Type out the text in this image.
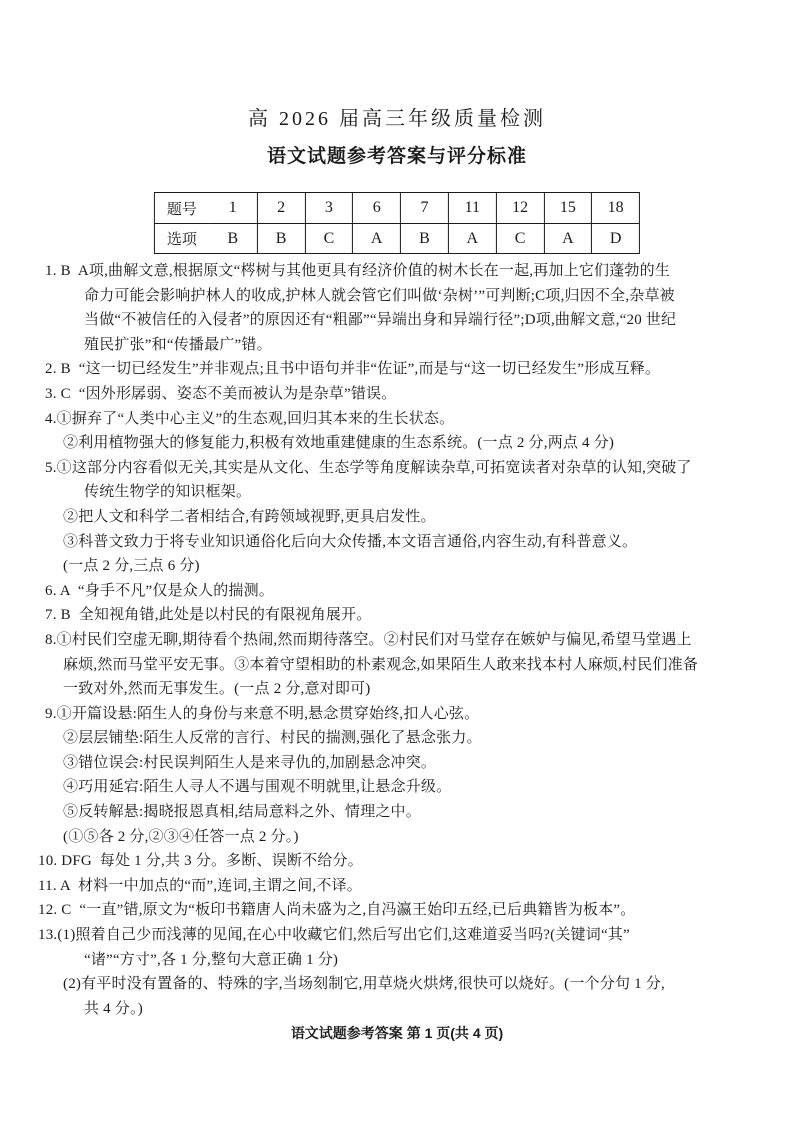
高 2026 届高三年级质量检测
语文试题参考答案与评分标准
题号	1	2	3	6	7	11	12	15	18
选项	B	B	C	A	B	A	C	A	D
1. B  A项,曲解文意,根据原文“梣树与其他更具有经济价值的树木长在一起,再加上它们蓬勃的生
命力可能会影响护林人的收成,护林人就会管它们叫做‘杂树’”可判断;C项,归因不全,杂草被
当做“不被信任的入侵者”的原因还有“粗鄙”“异端出身和异端行径”;D项,曲解文意,“20 世纪
殖民扩张”和“传播最广”错。
2. B  “这一切已经发生”并非观点;且书中语句并非“佐证”,而是与“这一切已经发生”形成互释。
3. C  “因外形孱弱、姿态不美而被认为是杂草”错误。
4.①摒弃了“人类中心主义”的生态观,回归其本来的生长状态。
②利用植物强大的修复能力,积极有效地重建健康的生态系统。(一点 2 分,两点 4 分)
5.①这部分内容看似无关,其实是从文化、生态学等角度解读杂草,可拓宽读者对杂草的认知,突破了
传统生物学的知识框架。
②把人文和科学二者相结合,有跨领域视野,更具启发性。
③科普文致力于将专业知识通俗化后向大众传播,本文语言通俗,内容生动,有科普意义。
(一点 2 分,三点 6 分)
6. A  “身手不凡”仅是众人的揣测。
7. B  全知视角错,此处是以村民的有限视角展开。
8.①村民们空虚无聊,期待看个热闹,然而期待落空。②村民们对马堂存在嫉妒与偏见,希望马堂遇上
麻烦,然而马堂平安无事。③本着守望相助的朴素观念,如果陌生人敢来找本村人麻烦,村民们准备
一致对外,然而无事发生。(一点 2 分,意对即可)
9.①开篇设悬:陌生人的身份与来意不明,悬念贯穿始终,扣人心弦。
②层层铺垫:陌生人反常的言行、村民的揣测,强化了悬念张力。
③错位误会:村民误判陌生人是来寻仇的,加剧悬念冲突。
④巧用延宕:陌生人寻人不遇与围观不明就里,让悬念升级。
⑤反转解悬:揭晓报恩真相,结局意料之外、情理之中。
(①⑤各 2 分,②③④任答一点 2 分。)
10. DFG  每处 1 分,共 3 分。多断、误断不给分。
11. A  材料一中加点的“而”,连词,主谓之间,不译。
12. C  “一直”错,原文为“板印书籍唐人尚未盛为之,自冯瀛王始印五经,已后典籍皆为板本”。
13.(1)照着自己少而浅薄的见闻,在心中收藏它们,然后写出它们,这难道妥当吗?(关键词“其”
“诸”“方寸”,各 1 分,整句大意正确 1 分)
(2)有平时没有置备的、特殊的字,当场刻制它,用草烧火烘烤,很快可以烧好。(一个分句 1 分,
共 4 分。)
语文试题参考答案 第 1 页(共 4 页)
